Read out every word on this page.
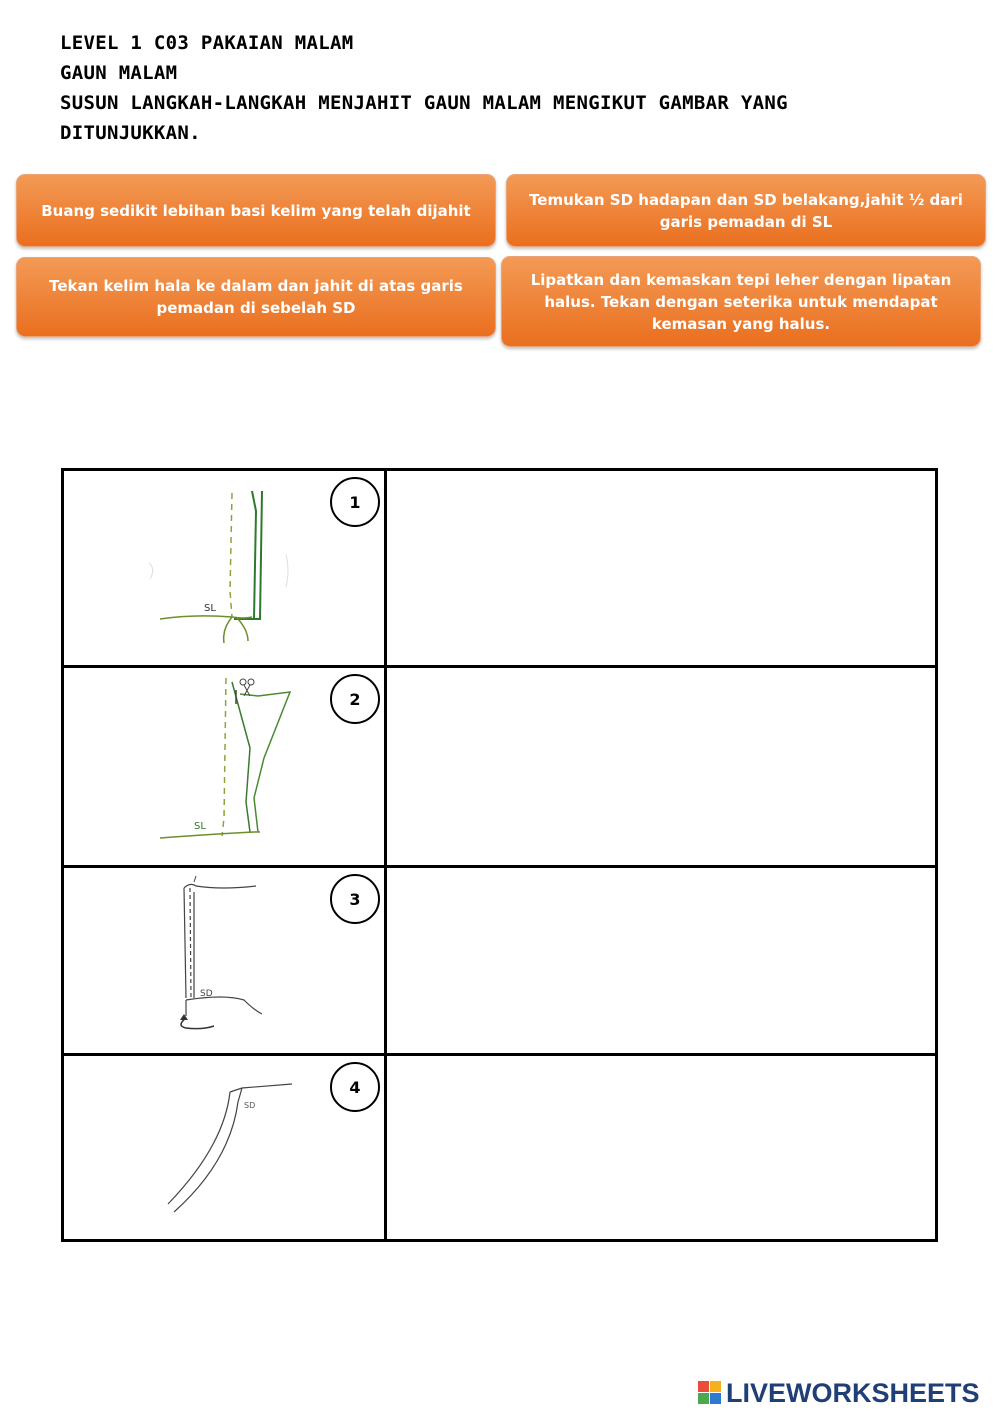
LEVEL 1 C03 PAKAIAN MALAM
GAUN MALAM
SUSUN LANGKAH-LANGKAH MENJAHIT GAUN MALAM MENGIKUT GAMBAR YANG
DITUNJUKKAN.
Buang sedikit lebihan basi kelim yang telah dijahit
Temukan SD hadapan dan SD belakang,jahit ½ dari garis pemadan di SL
Tekan kelim hala ke dalam dan jahit di atas garis pemadan di sebelah SD
Lipatkan dan kemaskan tepi leher dengan lipatan halus. Tekan dengan seterika untuk mendapat kemasan yang halus.
SL
1
SL
2
SD
3
SD
4
LIVEWORKSHEETS
